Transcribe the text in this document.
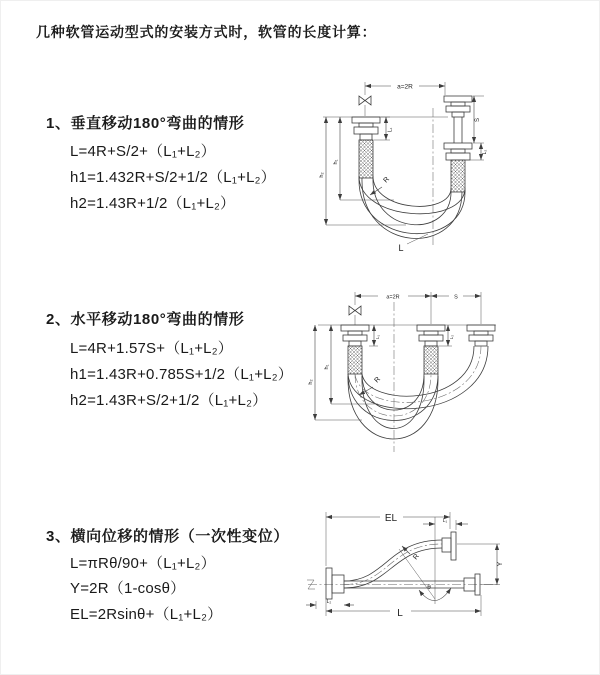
几种软管运动型式的安装方式时，软管的长度计算：
1、垂直移动180°弯曲的情形
L=4R+S/2+（L₁+L₂）
h1=1.432R+S/2+1/2（L₁+L₂）
h2=1.43R+1/2（L₁+L₂）
2、水平移动180°弯曲的情形
L=4R+1.57S+（L₁+L₂）
h1=1.43R+0.785S+1/2（L₁+L₂）
h2=1.43R+S/2+1/2（L₁+L₂）
3、横向位移的情形（一次性变位）
L=πRθ/90+（L₁+L₂）
Y=2R（1-cosθ）
EL=2Rsinθ+（L₁+L₂）
a=2R
L₁
S
L₂
h₁
h₂
R
L
a=2R	S
L₁	L₂
h₁
h₂	R
EL	L₁
R
θ
Y
L
L₂
